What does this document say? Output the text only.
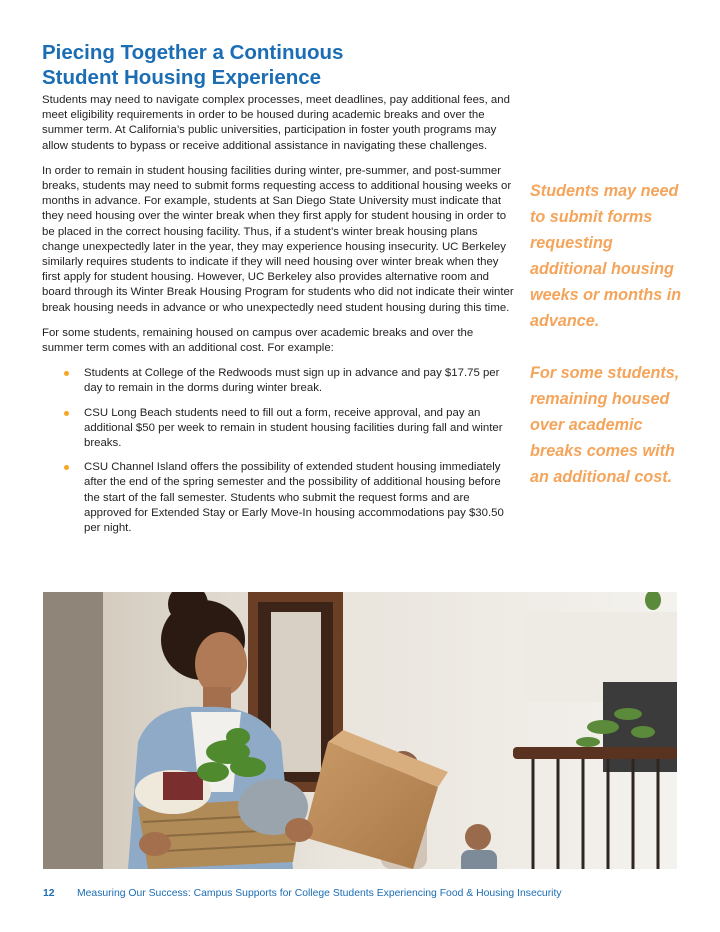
Piecing Together a Continuous
Student Housing Experience

Students may need to navigate complex processes, meet deadlines, pay additional fees, and meet eligibility requirements in order to be housed during academic breaks and over the summer term. At California’s public universities, participation in foster youth programs may allow students to bypass or receive additional assistance in navigating these challenges.

In order to remain in student housing facilities during winter, pre-summer, and post-summer breaks, students may need to submit forms requesting access to additional housing weeks or months in advance. For example, students at San Diego State University must indicate that they need housing over the winter break when they first apply for student housing in order to be placed in the correct housing facility. Thus, if a student’s winter break housing plans change unexpectedly later in the year, they may experience housing insecurity. UC Berkeley similarly requires students to indicate if they will need housing over winter break when they first apply for student housing. However, UC Berkeley also provides alternative room and board through its Winter Break Housing Program for students who did not indicate their winter break housing needs in advance or who unexpectedly need student housing during this time.

For some students, remaining housed on campus over academic breaks and over the summer term comes with an additional cost. For example:

Students at College of the Redwoods must sign up in advance and pay $17.75 per day to remain in the dorms during winter break.
CSU Long Beach students need to fill out a form, receive approval, and pay an additional $50 per week to remain in student housing facilities during fall and winter breaks.
CSU Channel Island offers the possibility of extended student housing immediately after the end of the spring semester and the possibility of additional housing before the start of the fall semester. Students who submit the request forms and are approved for Extended Stay or Early Move-In housing accommodations pay $30.50 per night.

Students may need to submit forms requesting additional housing weeks or months in advance.

For some students, remaining housed over academic breaks comes with an additional cost.

12 Measuring Our Success: Campus Supports for College Students Experiencing Food & Housing Insecurity
